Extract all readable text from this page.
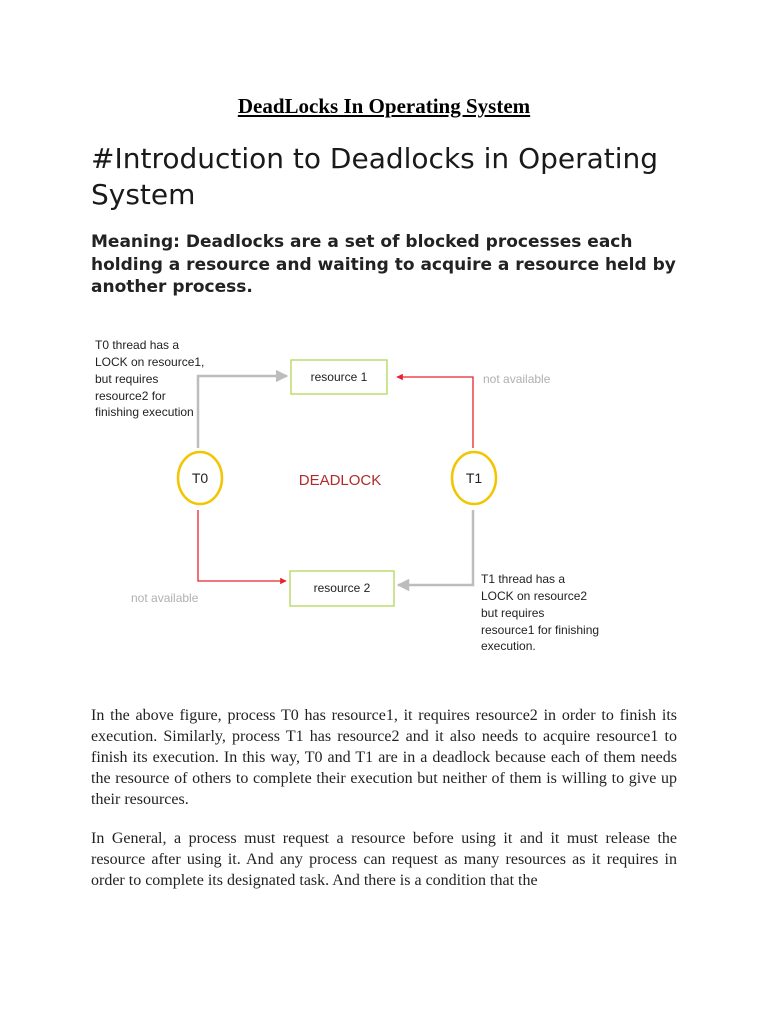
DeadLocks In Operating System
#Introduction to Deadlocks in Operating System
Meaning: Deadlocks are a set of blocked processes each holding a resource and waiting to acquire a resource held by another process.
T0 thread has a
LOCK on resource1,
but requires
resource2 for
finishing execution
resource 1
resource 2
T0	T1
DEADLOCK
not available
not available
T1 thread has a
LOCK on resource2
but requires
resource1 for finishing
execution.

In the above figure, process T0 has resource1, it requires resource2 in order to finish its execution. Similarly, process T1 has resource2 and it also needs to acquire resource1 to finish its execution. In this way, T0 and T1 are in a deadlock because each of them needs the resource of others to complete their execution but neither of them is willing to give up their resources.

In General, a process must request a resource before using it and it must release the resource after using it. And any process can request as many resources as it requires in order to complete its designated task. And there is a condition that the
